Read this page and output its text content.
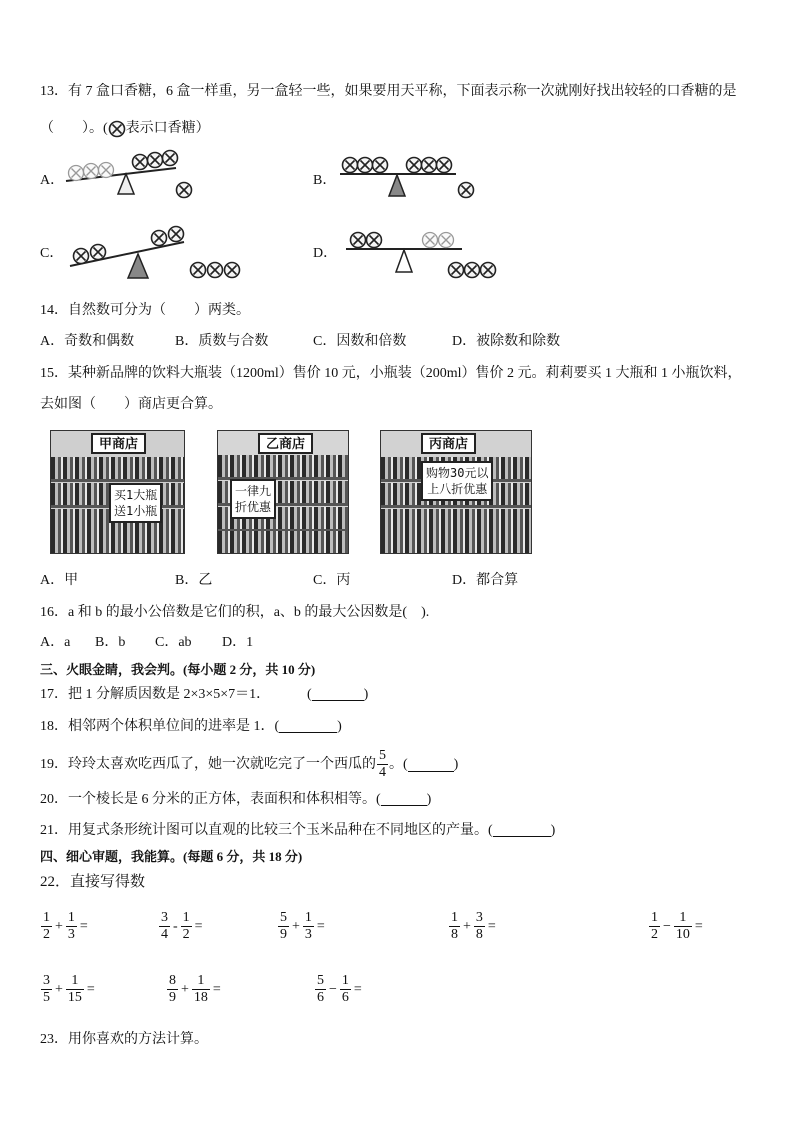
13．有 7 盒口香糖，6 盒一样重，另一盒轻一些，如果要用天平称，下面表示称一次就刚好找出较轻的口香糖的是
（　　）。( 表示口香糖）
A．	B．
C．	D．
14．自然数可分为（　　）两类。
A．奇数和偶数	B．质数与合数	C．因数和倍数	D．被除数和除数
15．某种新品牌的饮料大瓶装（1200ml）售价 10 元，小瓶装（200ml）售价 2 元。莉莉要买 1 大瓶和 1 小瓶饮料，
去如图（　　）商店更合算。
甲商店
买1大瓶
送1小瓶
乙商店
一律九
折优惠
丙商店
购物30元以
上八折优惠
A．甲	B．乙	C．丙	D．都合算
16．a 和 b 的最小公倍数是它们的积，a、b 的最大公因数是(　).
A．a B．b C．ab D．1
三、火眼金睛，我会判。(每小题 2 分，共 10 分)
17．把 1 分解质因数是 2×3×5×7＝1．	(	)
18．相邻两个体积单位间的进率是 1．(	)
19．玲玲太喜欢吃西瓜了，她一次就吃完了一个西瓜的 $\frac{5}{4}$ 。(	)
20．一个棱长是 6 分米的正方体，表面积和体积相等。(	)
21．用复式条形统计图可以直观的比较三个玉米品种在不同地区的产量。(	)
四、细心审题，我能算。(每题 6 分，共 18 分)
22．直接写得数
$\frac{1}{2} + \frac{1}{3}$ =	$\frac{3}{4} - \frac{1}{2}$ =	$\frac{5}{9} + \frac{1}{3}$ =	$\frac{1}{8} + \frac{3}{8}$ =	$\frac{1}{2} - \frac{1}{10}$ =
$\frac{3}{5} + \frac{1}{15}$ =	$\frac{8}{9} + \frac{1}{18}$ =	$\frac{5}{6} - \frac{1}{6}$ =
23．用你喜欢的方法计算。
